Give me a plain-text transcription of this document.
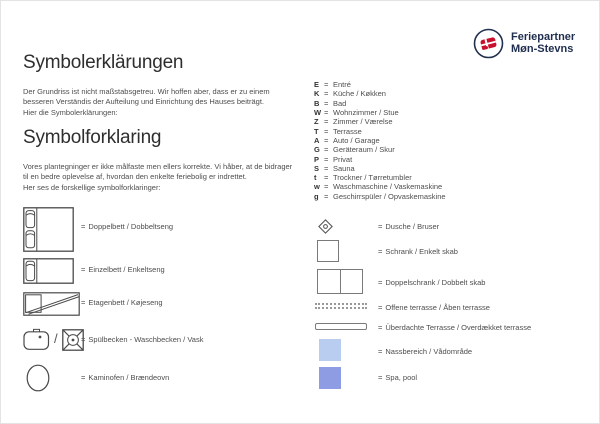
Feriepartner
Møn-Stevns
Symbolerklärungen
Der Grundriss ist nicht maßstabsgetreu. Wir hoffen aber, dass er zu einem
besseren Verständis der Aufteilung und Einrichtung des Hauses beiträgt.
Hier die Symbolerklärungen:
Symbolforklaring
Vores plantegninger er ikke målfaste men ellers korrekte. Vi håber, at de bidrager
til en bedre oplevelse af, hvordan den enkelte feriebolig er indrettet.
Her ses de forskellige symbolforklaringer:
E = Entré
K = Küche / Køkken
B = Bad
W = Wohnzimmer / Stue
Z = Zimmer / Værelse
T = Terrasse
A = Auto / Garage
G = Geräteraum / Skur
P = Privat
S = Sauna
t	= Trockner / Tørretumbler
w = Waschmaschine / Vaskemaskine
g = Geschirrspüler / Opvaskemaskine
= Doppelbett / Dobbeltseng
= Einzelbett / Enkeltseng
= Etagenbett / Køjeseng
/	= Spülbecken - Waschbecken / Vask
= Kaminofen / Brændeovn
= Dusche / Bruser
= Schrank / Enkelt skab
= Doppelschrank / Dobbelt skab
= Offene terrasse / Åben terrasse
= Überdachte Terrasse / Overdækket terrasse
= Nassbereich / Vådområde
= Spa, pool
